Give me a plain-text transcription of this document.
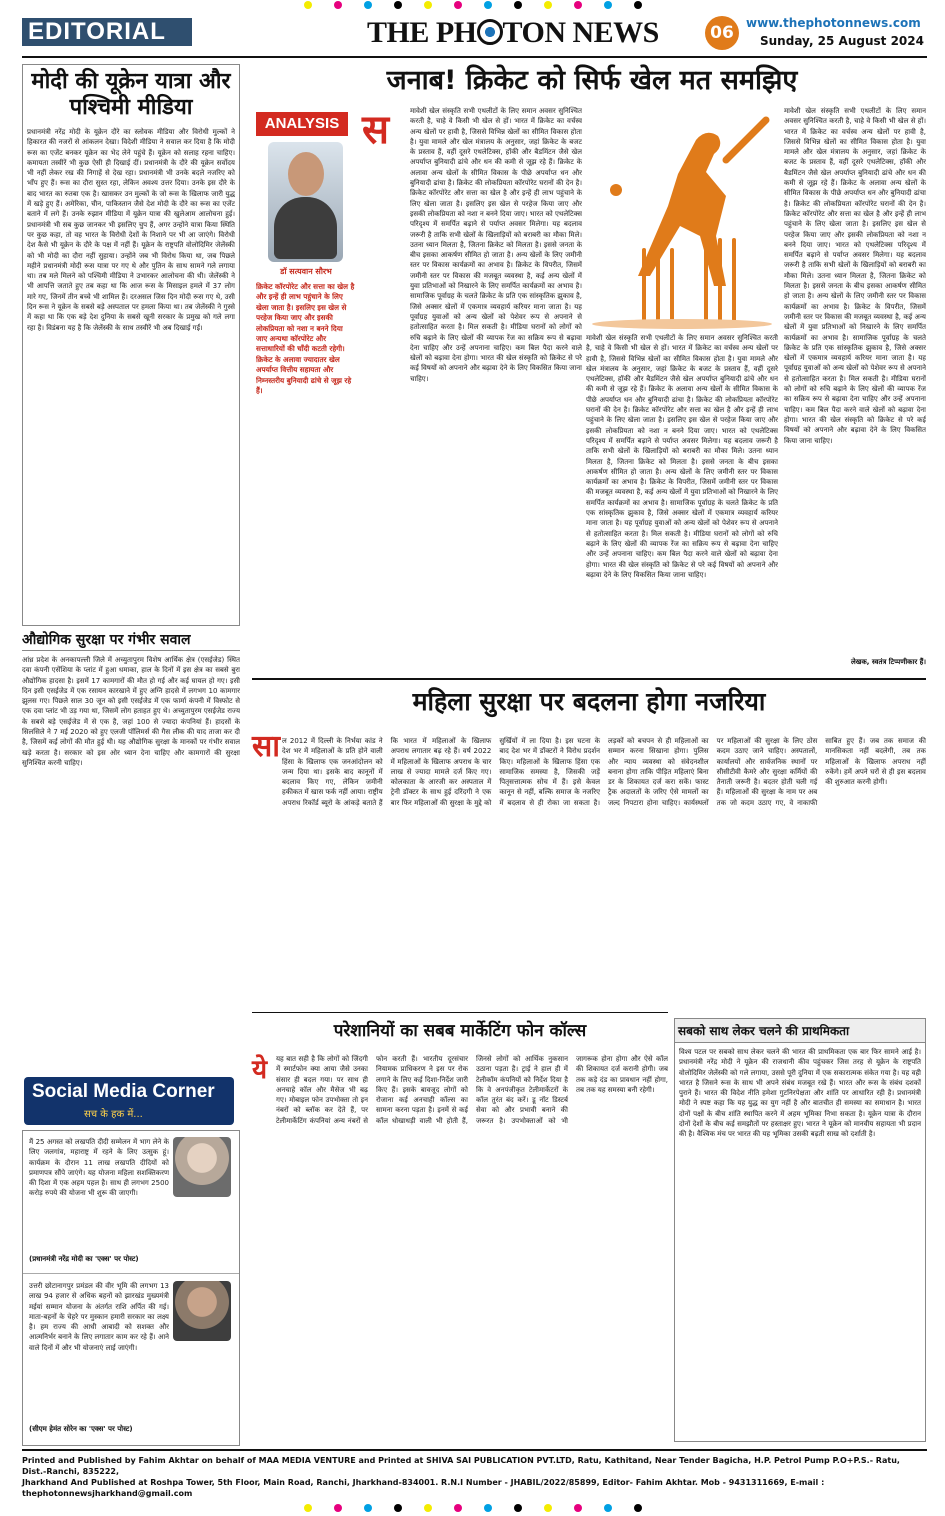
EDITORIAL	THE PH TON NEWS	06	www.thephotonnews.com
Sunday, 25 August 2024
मोदी की यूक्रेन यात्रा और पश्चिमी मीडिया
प्रधानमंत्री नरेंद्र मोदी के यूक्रेन दौरे का स्लोवक मीडिया और विरोधी मुल्कों ने हिकारत की नजरों से आंकलन देखा। विदेशी मीडिया ने सवाल कर दिया है कि मोदी रूस का एजेंट बनकर यूक्रेन का भेद लेने पहुंचे हैं। यूक्रेन को सलाह रहना चाहिए। कमायता तस्वीरें भी कुछ ऐसी ही दिखाई दीं। प्रधानमंत्री के दौरे की यूक्रेन सर्वोदय भी नहीं लेकर रख की निगाहें से देख रहा। प्रधानमंत्री भी उनके बदले नजरिए को भाँप हुए हैं। रूस का दौरा सुस्त रहा, लेकिन अवश्य उत्तर दिया। उनके इस दौरे के बाद भारत का रुतबा एक है। खासकर उन मुल्कों के जो रूस के खिलाफ जारी युद्ध में खड़े हुए हैं। अमेरिका, चीन, पाकिस्तान जैसे देश मोदी के दौरे का रूस का एजेंट बताने में लगे हैं। उनके रुझान मीडिया में यूक्रेन यात्रा की खुलेआम आलोचना हुई। प्रधानमंत्री भी सब कुछ जानकर भी इसलिए चुप हैं, अगर उन्होंने यात्रा किया स्थिति पर कुछ कहा, तो वह भारत के विरोधी देशों के निशाने पर भी आ जाएंगे। विरोधी देश कैसे भी यूक्रेन के दौरे के पक्ष में नहीं हैं। यूक्रेन के राष्ट्रपति वोलोदिमिर जेलेंस्की को भी मोदी का दौरा नहीं सुहाया। उन्होंने जब भी विरोध किया था, जब पिछले महीने प्रधानमंत्री मोदी रूस यात्रा पर गए थे और पुतिन के साथ सामने गले लगाया था। तब मले मिलने को पश्चिमी मीडिया ने उभारकर आलोचना की थी। जेलेंस्की ने भी आपत्ति जताते हुए तब कहा था कि आज रूस के मिसाइल हमले में 37 लोग मारे गए, जिनमें तीन बच्चे भी शामिल हैं। दरअसल जिस दिन मोदी रूस गए थे, उसी दिन रूस ने यूक्रेन के सबसे बड़े अस्पताल पर हमला किया था। तब जेलेंस्की ने गुस्से में कहा था कि एक बड़े देश दुनिया के सबसे खूनी सरकार के प्रमुख को गले लगा रहा है। विडंबना यह है कि जेलेंस्की के साथ तस्वीरें भी अब दिखाई गईं।
औद्योगिक सुरक्षा पर गंभीर सवाल
आंध्र प्रदेश के अनकापल्ली जिले में अच्युतापुरम विशेष आर्थिक क्षेत्र (एसईजेड) स्थित दवा कंपनी एसेंशिया के प्लांट में हुआ धमाका, हाल के दिनों में इस क्षेत्र का सबसे बुरा औद्योगिक हादसा है। इसमें 17 कामगारों की मौत हो गई और कई घायल हो गए। इसी दिन इसी एसईजेड में एक रसायन कारखाने में हुए अग्नि हादसे में लगभग 10 कामगार झुलस गए। पिछले साल 30 जून को इसी एसईजेड में एक फार्मा कंपनी में विस्फोट से एक दवा प्लांट भी उड़ गया था, जिसमें लोग हताहत हुए थे। अच्युतापुरम एसईजेड राज्य के सबसे बड़े एसईजेड में से एक है, जहां 100 से ज्यादा कंपनियां हैं। हादसों के सिलसिले ने 7 मई 2020 को हुए एलजी पॉलिमर्स की गैस लीक की याद ताजा कर दी है, जिसमें कई लोगों की मौत हुई थी। यह औद्योगिक सुरक्षा के मानकों पर गंभीर सवाल खड़े करता है। सरकार को इस ओर ध्यान देना चाहिए और कामगारों की सुरक्षा सुनिश्चित करनी चाहिए।
जनाब! क्रिकेट को सिर्फ खेल मत समझिए
ANALYSIS
डॉ सत्यवान सौरभ
क्रिकेट कॉरपोरेट और सत्ता का खेल है और इन्हें ही लाभ पहुंचाने के लिए खेला जाता है। इसलिए इस खेल से परहेज किया जाए और इसकी लोकप्रियता को नशा न बनने दिया जाए अन्यथा कॉरपोरेट और सत्ताधारियों की चाँदी कटती रहेगी। क्रिकेट के अलावा ज्यादातर खेल अपर्याप्त वित्तीय सहायता और निम्नस्तरीय बुनियादी ढांचे से जूझ रहे हैं।
स	मावेशी खेल संस्कृति सभी एथलीटों के लिए समान अवसर सुनिश्चित करती है, चाहे वे किसी भी खेल से हों। भारत में क्रिकेट का वर्चस्व अन्य खेलों पर हावी है, जिससे विभिन्न खेलों का सीमित विकास होता है। युवा मामले और खेल मंत्रालय के अनुसार, जहां क्रिकेट के बजट के प्रस्ताव हैं, वहीं दूसरे एथलेटिक्स, हॉकी और बैडमिंटन जैसे खेल अपर्याप्त बुनियादी ढांचे और धन की कमी से जूझ रहे हैं। क्रिकेट के अलावा अन्य खेलों के सीमित विकास के पीछे अपर्याप्त धन और बुनियादी ढांचा है। क्रिकेट की लोकप्रियता कॉरपोरेट घरानों की देन है। क्रिकेट कॉरपोरेट और सत्ता का खेल है और इन्हें ही लाभ पहुंचाने के लिए खेला जाता है। इसलिए इस खेल से परहेज किया जाए और इसकी लोकप्रियता को नशा न बनने दिया जाए। भारत को एथलेटिक्स परिदृश्य में समर्पित बढ़ाने से पर्याप्त अवसर मिलेगा। यह बदलाव जरूरी है ताकि सभी खेलों के खिलाड़ियों को बराबरी का मौका मिले। उतना ध्यान मिलता है, जितना क्रिकेट को मिलता है। इससे जनता के बीच इसका आकर्षण सीमित हो जाता है। अन्य खेलों के लिए जमीनी स्तर पर विकास कार्यक्रमों का अभाव है। क्रिकेट के विपरीत, जिसमें जमीनी स्तर पर विकास की मजबूत व्यवस्था है, कई अन्य खेलों में युवा प्रतिभाओं को निखारने के लिए समर्पित कार्यक्रमों का अभाव है। सामाजिक पूर्वाग्रह के चलते क्रिकेट के प्रति एक सांस्कृतिक झुकाव है, जिसे अक्सर खेलों में एकमात्र व्यवहार्य करियर माना जाता है। यह पूर्वाग्रह युवाओं को अन्य खेलों को पेशेवर रूप से अपनाने से हतोत्साहित करता है। मिल सकती है। मीडिया घरानों को लोगों को रुचि बढ़ाने के लिए खेलों की व्यापक रेंज का सक्रिय रूप से बढ़ावा देना चाहिए और उन्हें अपनाना चाहिए। कम बिल पैदा करने वाले खेलों को बढ़ावा देना होगा। भारत की खेल संस्कृति को क्रिकेट से परे कई विषयों को अपनाने और बढ़ावा देने के लिए विकसित किया जाना चाहिए।
मावेशी खेल संस्कृति सभी एथलीटों के लिए समान अवसर सुनिश्चित करती है, चाहे वे किसी भी खेल से हों। भारत में क्रिकेट का वर्चस्व अन्य खेलों पर हावी है, जिससे विभिन्न खेलों का सीमित विकास होता है। युवा मामले और खेल मंत्रालय के अनुसार, जहां क्रिकेट के बजट के प्रस्ताव हैं, वहीं दूसरे एथलेटिक्स, हॉकी और बैडमिंटन जैसे खेल अपर्याप्त बुनियादी ढांचे और धन की कमी से जूझ रहे हैं। क्रिकेट के अलावा अन्य खेलों के सीमित विकास के पीछे अपर्याप्त धन और बुनियादी ढांचा है। क्रिकेट की लोकप्रियता कॉरपोरेट घरानों की देन है। क्रिकेट कॉरपोरेट और सत्ता का खेल है और इन्हें ही लाभ पहुंचाने के लिए खेला जाता है। इसलिए इस खेल से परहेज किया जाए और इसकी लोकप्रियता को नशा न बनने दिया जाए। भारत को एथलेटिक्स परिदृश्य में समर्पित बढ़ाने से पर्याप्त अवसर मिलेगा। यह बदलाव जरूरी है ताकि सभी खेलों के खिलाड़ियों को बराबरी का मौका मिले। उतना ध्यान मिलता है, जितना क्रिकेट को मिलता है। इससे जनता के बीच इसका आकर्षण सीमित हो जाता है। अन्य खेलों के लिए जमीनी स्तर पर विकास कार्यक्रमों का अभाव है। क्रिकेट के विपरीत, जिसमें जमीनी स्तर पर विकास की मजबूत व्यवस्था है, कई अन्य खेलों में युवा प्रतिभाओं को निखारने के लिए समर्पित कार्यक्रमों का अभाव है। सामाजिक पूर्वाग्रह के चलते क्रिकेट के प्रति एक सांस्कृतिक झुकाव है, जिसे अक्सर खेलों में एकमात्र व्यवहार्य करियर माना जाता है। यह पूर्वाग्रह युवाओं को अन्य खेलों को पेशेवर रूप से अपनाने से हतोत्साहित करता है। मिल सकती है। मीडिया घरानों को लोगों को रुचि बढ़ाने के लिए खेलों की व्यापक रेंज का सक्रिय रूप से बढ़ावा देना चाहिए और उन्हें अपनाना चाहिए। कम बिल पैदा करने वाले खेलों को बढ़ावा देना होगा। भारत की खेल संस्कृति को क्रिकेट से परे कई विषयों को अपनाने और बढ़ावा देने के लिए विकसित किया जाना चाहिए।
मावेशी खेल संस्कृति सभी एथलीटों के लिए समान अवसर सुनिश्चित करती है, चाहे वे किसी भी खेल से हों। भारत में क्रिकेट का वर्चस्व अन्य खेलों पर हावी है, जिससे विभिन्न खेलों का सीमित विकास होता है। युवा मामले और खेल मंत्रालय के अनुसार, जहां क्रिकेट के बजट के प्रस्ताव हैं, वहीं दूसरे एथलेटिक्स, हॉकी और बैडमिंटन जैसे खेल अपर्याप्त बुनियादी ढांचे और धन की कमी से जूझ रहे हैं। क्रिकेट के अलावा अन्य खेलों के सीमित विकास के पीछे अपर्याप्त धन और बुनियादी ढांचा है। क्रिकेट की लोकप्रियता कॉरपोरेट घरानों की देन है। क्रिकेट कॉरपोरेट और सत्ता का खेल है और इन्हें ही लाभ पहुंचाने के लिए खेला जाता है। इसलिए इस खेल से परहेज किया जाए और इसकी लोकप्रियता को नशा न बनने दिया जाए। भारत को एथलेटिक्स परिदृश्य में समर्पित बढ़ाने से पर्याप्त अवसर मिलेगा। यह बदलाव जरूरी है ताकि सभी खेलों के खिलाड़ियों को बराबरी का मौका मिले। उतना ध्यान मिलता है, जितना क्रिकेट को मिलता है। इससे जनता के बीच इसका आकर्षण सीमित हो जाता है। अन्य खेलों के लिए जमीनी स्तर पर विकास कार्यक्रमों का अभाव है। क्रिकेट के विपरीत, जिसमें जमीनी स्तर पर विकास की मजबूत व्यवस्था है, कई अन्य खेलों में युवा प्रतिभाओं को निखारने के लिए समर्पित कार्यक्रमों का अभाव है। सामाजिक पूर्वाग्रह के चलते क्रिकेट के प्रति एक सांस्कृतिक झुकाव है, जिसे अक्सर खेलों में एकमात्र व्यवहार्य करियर माना जाता है। यह पूर्वाग्रह युवाओं को अन्य खेलों को पेशेवर रूप से अपनाने से हतोत्साहित करता है। मिल सकती है। मीडिया घरानों को लोगों को रुचि बढ़ाने के लिए खेलों की व्यापक रेंज का सक्रिय रूप से बढ़ावा देना चाहिए और उन्हें अपनाना चाहिए। कम बिल पैदा करने वाले खेलों को बढ़ावा देना होगा। भारत की खेल संस्कृति को क्रिकेट से परे कई विषयों को अपनाने और बढ़ावा देने के लिए विकसित किया जाना चाहिए।
लेखक, स्वतंत्र टिप्पणीकार हैं।
महिला सुरक्षा पर बदलना होगा नजरिया
सा ल 2012 में दिल्ली के निर्भया कांड ने देश भर में महिलाओं के प्रति होने वाली हिंसा के खिलाफ एक जनआंदोलन को जन्म दिया था। इसके बाद कानूनों में बदलाव किए गए, लेकिन जमीनी हकीकत में खास फर्क नहीं आया। राष्ट्रीय अपराध रिकॉर्ड ब्यूरो के आंकड़े बताते हैं कि भारत में महिलाओं के खिलाफ अपराध लगातार बढ़ रहे हैं। वर्ष 2022 में महिलाओं के खिलाफ अपराध के चार लाख से ज्यादा मामले दर्ज किए गए। कोलकाता के आरजी कर अस्पताल में ट्रेनी डॉक्टर के साथ हुई दरिंदगी ने एक बार फिर महिलाओं की सुरक्षा के मुद्दे को सुर्खियों में ला दिया है। इस घटना के बाद देश भर में डॉक्टरों ने विरोध प्रदर्शन किए। महिलाओं के खिलाफ हिंसा एक सामाजिक समस्या है, जिसकी जड़ें पितृसत्तात्मक सोच में हैं। इसे केवल कानून से नहीं, बल्कि समाज के नजरिए में बदलाव से ही रोका जा सकता है। लड़कों को बचपन से ही महिलाओं का सम्मान करना सिखाना होगा। पुलिस और न्याय व्यवस्था को संवेदनशील बनाना होगा ताकि पीड़ित महिलाएं बिना डर के शिकायत दर्ज करा सकें। फास्ट ट्रैक अदालतों के जरिए ऐसे मामलों का जल्द निपटारा होना चाहिए। कार्यस्थलों पर महिलाओं की सुरक्षा के लिए ठोस कदम उठाए जाने चाहिए। अस्पतालों, कार्यालयों और सार्वजनिक स्थानों पर सीसीटीवी कैमरे और सुरक्षा कर्मियों की तैनाती जरूरी है। बदतर होती चली गई हैं। महिलाओं की सुरक्षा के नाम पर अब तक जो कदम उठाए गए, वे नाकाफी साबित हुए हैं। जब तक समाज की मानसिकता नहीं बदलेगी, तब तक महिलाओं के खिलाफ अपराध नहीं रुकेंगे। हमें अपने घरों से ही इस बदलाव की शुरुआत करनी होगी।
Social Media Corner
सच के हक में...
मैं 25 अगस्त को लखपति दीदी सम्मेलन में भाग लेने के लिए जलगांव, महाराष्ट्र में रहने के लिए उत्सुक हूं। कार्यक्रम के दौरान 11 लाख लखपति दीदियों को प्रमाणपत्र सौंपे जाएंगे। यह योजना महिला सशक्तिकरण की दिशा में एक अहम पहल है। साथ ही लगभग 2500 करोड़ रुपये की योजना भी शुरू की जाएगी।
(प्रधानमंत्री नरेंद्र मोदी का 'एक्स' पर पोस्ट)
उत्तरी छोटानागपुर प्रमंडल की वीर भूमि की लगभग 13 लाख 94 हजार से अधिक बहनों को झारखंड मुख्यमंत्री मईयां सम्मान योजना के अंतर्गत राशि अर्पित की गई। माता-बहनों के चेहरे पर मुस्कान हमारी सरकार का लक्ष्य है। हम राज्य की आधी आबादी को सशक्त और आत्मनिर्भर बनाने के लिए लगातार काम कर रहे हैं। आने वाले दिनों में और भी योजनाएं लाई जाएंगी।
(सीएम हेमंत सोरेन का 'एक्स' पर पोस्ट)
परेशानियों का सबब मार्केटिंग फोन कॉल्स
ये	यह बात सही है कि लोगों को जिंदगी में स्मार्टफोन क्या आया जैसे उनका संसार ही बदल गया। पर साथ ही अनचाहे कॉल और मैसेज भी बढ़ गए। मोबाइल फोन उपभोक्ता तो इन नंबरों को ब्लॉक कर देते हैं, पर टेलीमार्केटिंग कंपनियां अन्य नंबरों से फोन करती हैं। भारतीय दूरसंचार नियामक प्राधिकरण ने इस पर रोक लगाने के लिए कई दिशा-निर्देश जारी किए हैं। इसके बावजूद लोगों को रोजाना कई अनचाही कॉल्स का सामना करना पड़ता है। इनमें से कई कॉल धोखाधड़ी वाली भी होती हैं, जिनसे लोगों को आर्थिक नुकसान उठाना पड़ता है। ट्राई ने हाल ही में टेलीकॉम कंपनियों को निर्देश दिया है कि वे अनपंजीकृत टेलीमार्केटरों के कॉल तुरंत बंद करें। डू नॉट डिस्टर्ब सेवा को और प्रभावी बनाने की जरूरत है। उपभोक्ताओं को भी जागरूक होना होगा और ऐसे कॉल की शिकायत दर्ज करानी होगी। जब तक कड़े दंड का प्रावधान नहीं होगा, तब तक यह समस्या बनी रहेगी।
सबको साथ लेकर चलने की प्राथमिकता
विश्व पटल पर सबको साथ लेकर चलने की भारत की प्राथमिकता एक बार फिर सामने आई है। प्रधानमंत्री नरेंद्र मोदी ने यूक्रेन की राजधानी कीव पहुंचकर जिस तरह से यूक्रेन के राष्ट्रपति वोलोदिमिर जेलेंस्की को गले लगाया, उससे पूरी दुनिया में एक सकारात्मक संकेत गया है। यह वही भारत है जिसने रूस के साथ भी अपने संबंध मजबूत रखे हैं। भारत और रूस के संबंध दशकों पुराने हैं। भारत की विदेश नीति हमेशा गुटनिरपेक्षता और शांति पर आधारित रही है। प्रधानमंत्री मोदी ने स्पष्ट कहा कि यह युद्ध का युग नहीं है और बातचीत ही समस्या का समाधान है। भारत दोनों पक्षों के बीच शांति स्थापित करने में अहम भूमिका निभा सकता है। यूक्रेन यात्रा के दौरान दोनों देशों के बीच कई समझौतों पर हस्ताक्षर हुए। भारत ने यूक्रेन को मानवीय सहायता भी प्रदान की है। वैश्विक मंच पर भारत की यह भूमिका उसकी बढ़ती साख को दर्शाती है।
Printed and Published by Fahim Akhtar on behalf of MAA MEDIA VENTURE and Printed at SHIVA SAI PUBLICATION PVT.LTD, Ratu, Kathitand, Near Tender Bagicha, H.P. Petrol Pump P.O+P.S.- Ratu, Dist.-Ranchi, 835222,
Jharkhand And Published at Roshpa Tower, 5th Floor, Main Road, Ranchi, Jharkhand-834001. R.N.I Number - JHABIL/2022/85899, Editor- Fahim Akhtar. Mob - 9431311669, E-mail : thephotonnewsjharkhand@gmail.com
